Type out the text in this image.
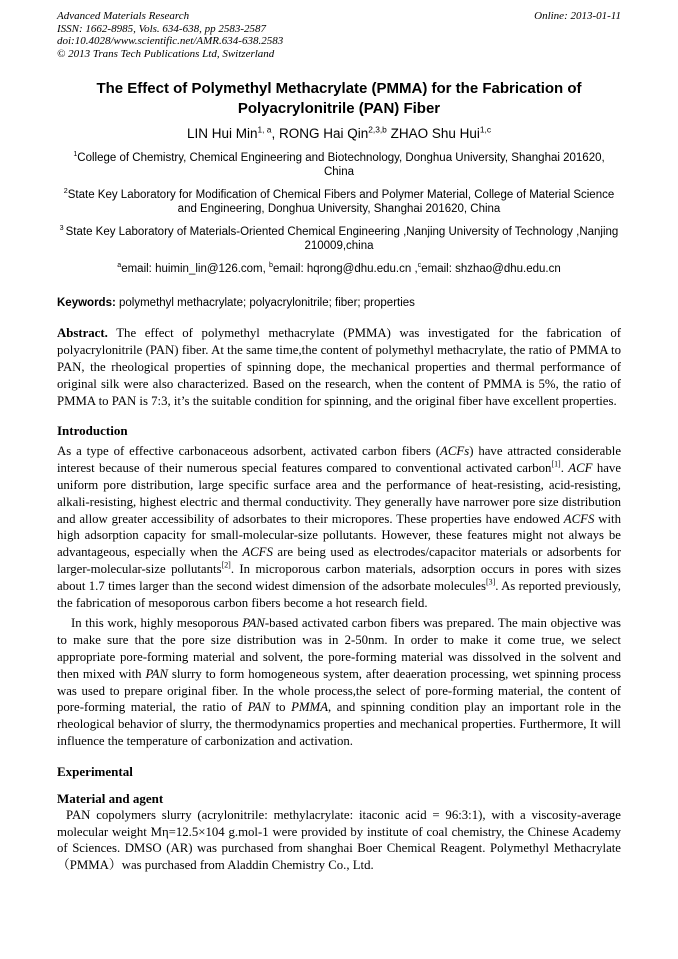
Advanced Materials Research	Online: 2013-01-11
ISSN: 1662-8985, Vols. 634-638, pp 2583-2587
doi:10.4028/www.scientific.net/AMR.634-638.2583
© 2013 Trans Tech Publications Ltd, Switzerland
The Effect of Polymethyl Methacrylate (PMMA) for the Fabrication of Polyacrylonitrile (PAN) Fiber
LIN Hui Min$^{1, a}$, RONG Hai Qin$^{2,3,b}$ ZHAO Shu Hui$^{1,c}$
$^1$College of Chemistry, Chemical Engineering and Biotechnology, Donghua University, Shanghai 201620, China
$^2$State Key Laboratory for Modification of Chemical Fibers and Polymer Material, College of Material Science and Engineering, Donghua University, Shanghai 201620, China
$^3$ State Key Laboratory of Materials-Oriented Chemical Engineering ,Nanjing University of Technology ,Nanjing 210009,china
$^a$email: huimin_lin@126.com, $^b$email: hqrong@dhu.edu.cn ,$^c$email: shzhao@dhu.edu.cn

Keywords: polymethyl methacrylate; polyacrylonitrile; fiber; properties

Abstract. The effect of polymethyl methacrylate (PMMA) was investigated for the fabrication of polyacrylonitrile (PAN) fiber. At the same time,the content of polymethyl methacrylate, the ratio of PMMA to PAN, the rheological properties of spinning dope, the mechanical properties and thermal performance of original silk were also characterized. Based on the research, when the content of PMMA is 5%, the ratio of PMMA to PAN is 7:3, it’s the suitable condition for spinning, and the original fiber have excellent properties.

Introduction

As a type of effective carbonaceous adsorbent, activated carbon fibers (ACFs) have attracted considerable interest because of their numerous special features compared to conventional activated carbon[1]. ACF have uniform pore distribution, large specific surface area and the performance of heat-resisting, acid-resisting, alkali-resisting, highest electric and thermal conductivity. They generally have narrower pore size distribution and allow greater accessibility of adsorbates to their micropores. These properties have endowed ACFS with high adsorption capacity for small-molecular-size pollutants. However, these features might not always be advantageous, especially when the ACFS are being used as electrodes/capacitor materials or adsorbents for larger-molecular-size pollutants[2]. In microporous carbon materials, adsorption occurs in pores with sizes about 1.7 times larger than the second widest dimension of the adsorbate molecules[3]. As reported previously, the fabrication of mesoporous carbon fibers become a hot research field.

In this work, highly mesoporous PAN-based activated carbon fibers was prepared. The main objective was to make sure that the pore size distribution was in 2-50nm. In order to make it come true, we select appropriate pore-forming material and solvent, the pore-forming material was dissolved in the solvent and then mixed with PAN slurry to form homogeneous system, after deaeration processing, wet spinning process was used to prepare original fiber. In the whole process,the select of pore-forming material, the content of pore-forming material, the ratio of PAN to PMMA, and spinning condition play an important role in the rheological behavior of slurry, the thermodynamics properties and mechanical properties. Furthermore, It will influence the temperature of carbonization and activation.

Experimental
Material and agent

PAN copolymers slurry (acrylonitrile: methylacrylate: itaconic acid = 96:3:1), with a viscosity-average molecular weight Mη=12.5×104 g.mol-1 were provided by institute of coal chemistry, the Chinese Academy of Sciences. DMSO (AR) was purchased from shanghai Boer Chemical Reagent. Polymethyl Methacrylate（PMMA）was purchased from Aladdin Chemistry Co., Ltd.
